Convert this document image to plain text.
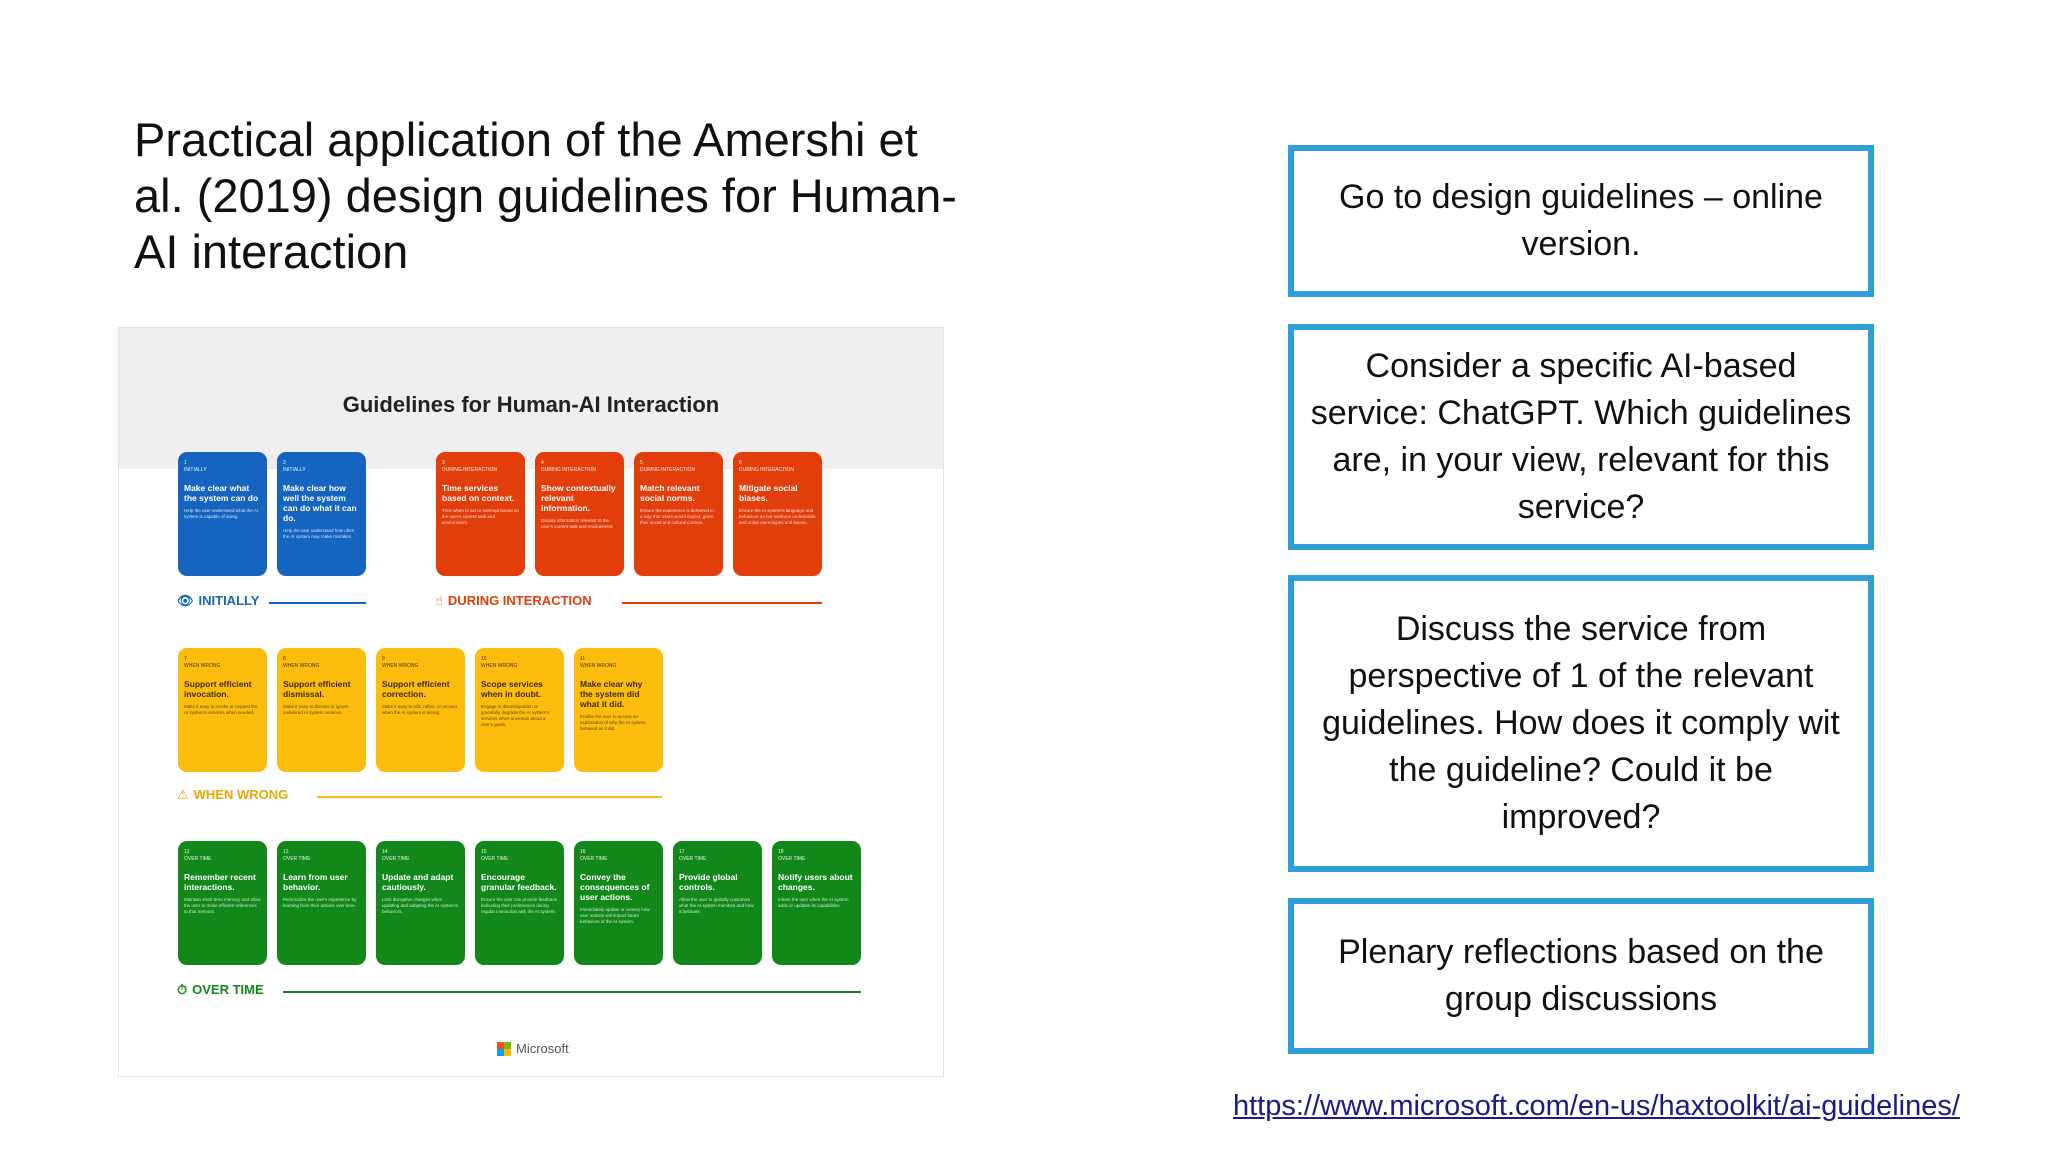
Practical application of the Amershi et al. (2019) design guidelines for Human-AI interaction
Guidelines for Human-AI Interaction
1
INITIALLY
Make clear what the system can do
Help the user understand what the AI system is capable of doing.
2
INITIALLY
Make clear how well the system can do what it can do.
Help the user understand how often the AI system may make mistakes.
3
DURING INTERACTION
Time services based on context.
Time when to act or interrupt based on the user's current task and environment.
4
DURING INTERACTION
Show contextually relevant information.
Display information relevant to the user's current task and environment.
5
DURING INTERACTION
Match relevant social norms.
Ensure the experience is delivered in a way that users would expect, given their social and cultural context.
6
DURING INTERACTION
Mitigate social biases.
Ensure the AI system's language and behaviors do not reinforce undesirable and unfair stereotypes and biases.
👁 INITIALLY	☝ DURING INTERACTION
7
WHEN WRONG
Support efficient invocation.
Make it easy to invoke or request the AI system's services when needed.
8
WHEN WRONG
Support efficient dismissal.
Make it easy to dismiss or ignore undesired AI system services.
9
WHEN WRONG
Support efficient correction.
Make it easy to edit, refine, or recover when the AI system is wrong.
10
WHEN WRONG
Scope services when in doubt.
Engage in disambiguation or gracefully degrade the AI system's services when uncertain about a user's goals.
11
WHEN WRONG
Make clear why the system did what it did.
Enable the user to access an explanation of why the AI system behaved as it did.
⚠ WHEN WRONG
12
OVER TIME
Remember recent interactions.
Maintain short-term memory and allow the user to make efficient references to that memory.
13
OVER TIME
Learn from user behavior.
Personalize the user's experience by learning from their actions over time.
14
OVER TIME
Update and adapt cautiously.
Limit disruptive changes when updating and adapting the AI system's behaviors.
15
OVER TIME
Encourage granular feedback.
Ensure the user can provide feedback indicating their preferences during regular interaction with the AI system.
16
OVER TIME
Convey the consequences of user actions.
Immediately update or convey how user actions will impact future behaviors of the AI system.
17
OVER TIME
Provide global controls.
Allow the user to globally customize what the AI system monitors and how it behaves.
18
OVER TIME
Notify users about changes.
Inform the user when the AI system adds or updates its capabilities.
⏱ OVER TIME
Microsoft
Go to design guidelines – online version.
Consider a specific AI-based service: ChatGPT. Which guidelines are, in your view, relevant for this service?
Discuss the service from perspective of 1 of the relevant guidelines. How does it comply wit the guideline? Could it be improved?
Plenary reflections based on the group discussions
https://www.microsoft.com/en-us/haxtoolkit/ai-guidelines/
